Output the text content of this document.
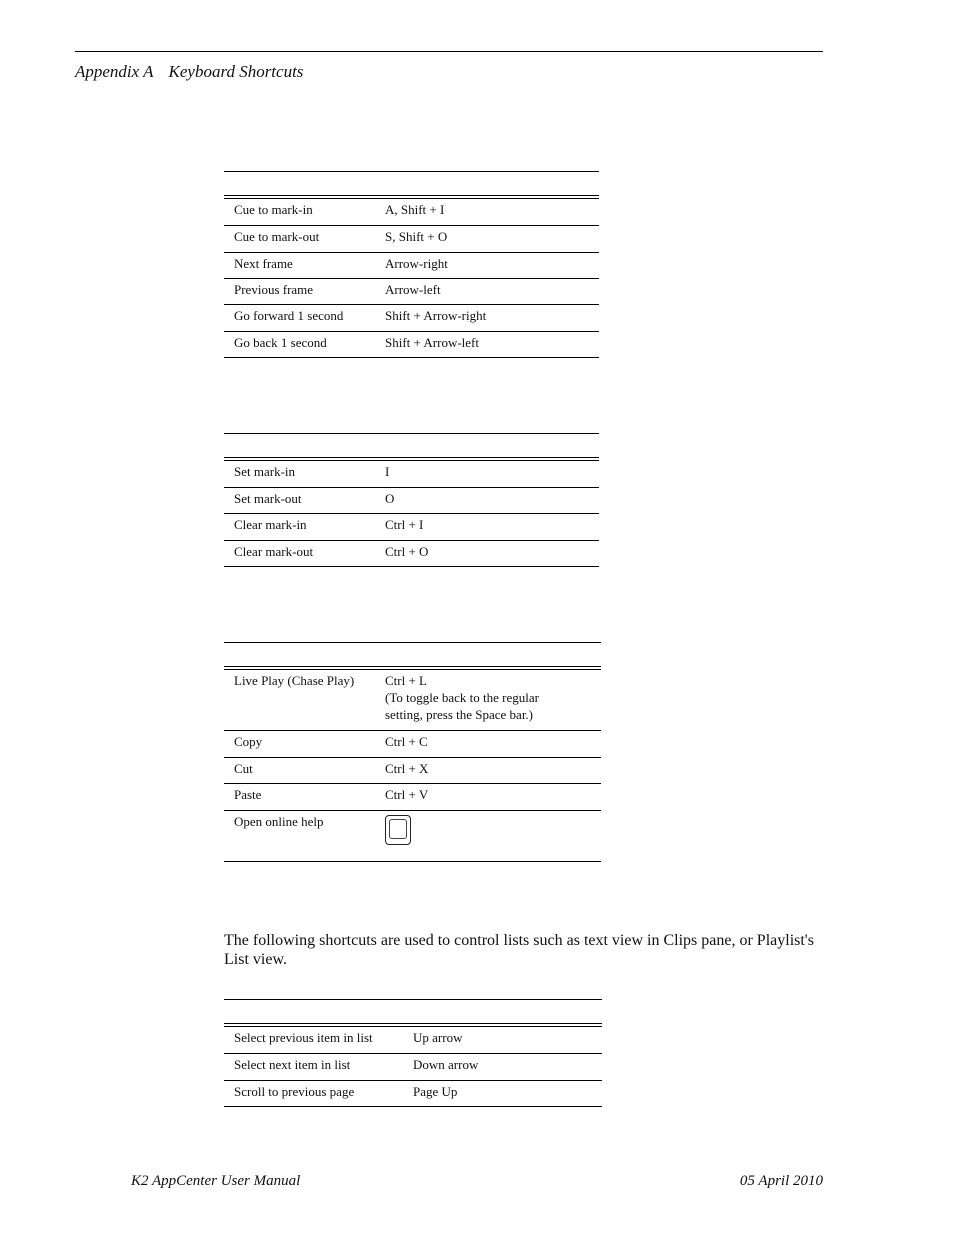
Appendix A Keyboard Shortcuts
Cue to mark-in	A, Shift + I
Cue to mark-out	S, Shift + O
Next frame	Arrow-right
Previous frame	Arrow-left
Go forward 1 second	Shift + Arrow-right
Go back 1 second	Shift + Arrow-left
Set mark-in	I
Set mark-out	O
Clear mark-in	Ctrl + I
Clear mark-out	Ctrl + O
Live Play (Chase Play)	Ctrl + L
(To toggle back to the regular
setting, press the Space bar.)
Copy	Ctrl + C
Cut	Ctrl + X
Paste	Ctrl + V
Open online help
The following shortcuts are used to control lists such as text view in Clips pane, or Playlist's List view.
Select previous item in list	Up arrow
Select next item in list	Down arrow
Scroll to previous page	Page Up
K2 AppCenter User Manual	05 April 2010
